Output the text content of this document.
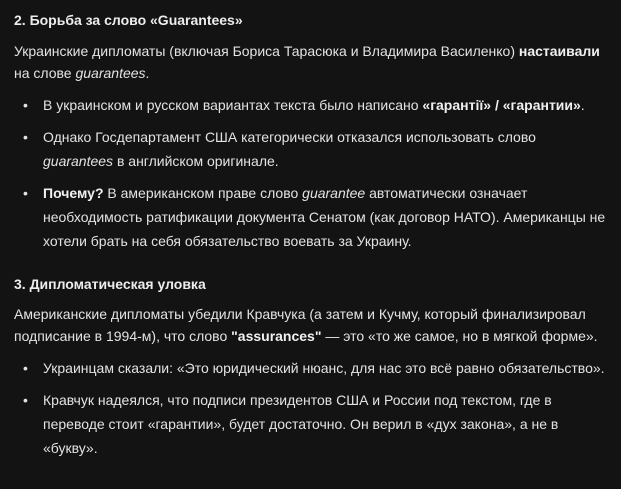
2. Борьба за слово «Guarantees»

Украинские дипломаты (включая Бориса Тарасюка и Владимира Василенко) настаивали на слове guarantees.

• В украинском и русском вариантах текста было написано «гарантії» / «гарантии».
• Однако Госдепартамент США категорически отказался использовать слово guarantees в английском оригинале.
• Почему? В американском праве слово guarantee автоматически означает необходимость ратификации документа Сенатом (как договор НАТО). Американцы не хотели брать на себя обязательство воевать за Украину.
3. Дипломатическая уловка

Американские дипломаты убедили Кравчука (а затем и Кучму, который финализировал подписание в 1994-м), что слово "assurances" — это «то же самое, но в мягкой форме».

• Украинцам сказали: «Это юридический нюанс, для нас это всё равно обязательство».
• Кравчук надеялся, что подписи президентов США и России под текстом, где в переводе стоит «гарантии», будет достаточно. Он верил в «дух закона», а не в «букву».
